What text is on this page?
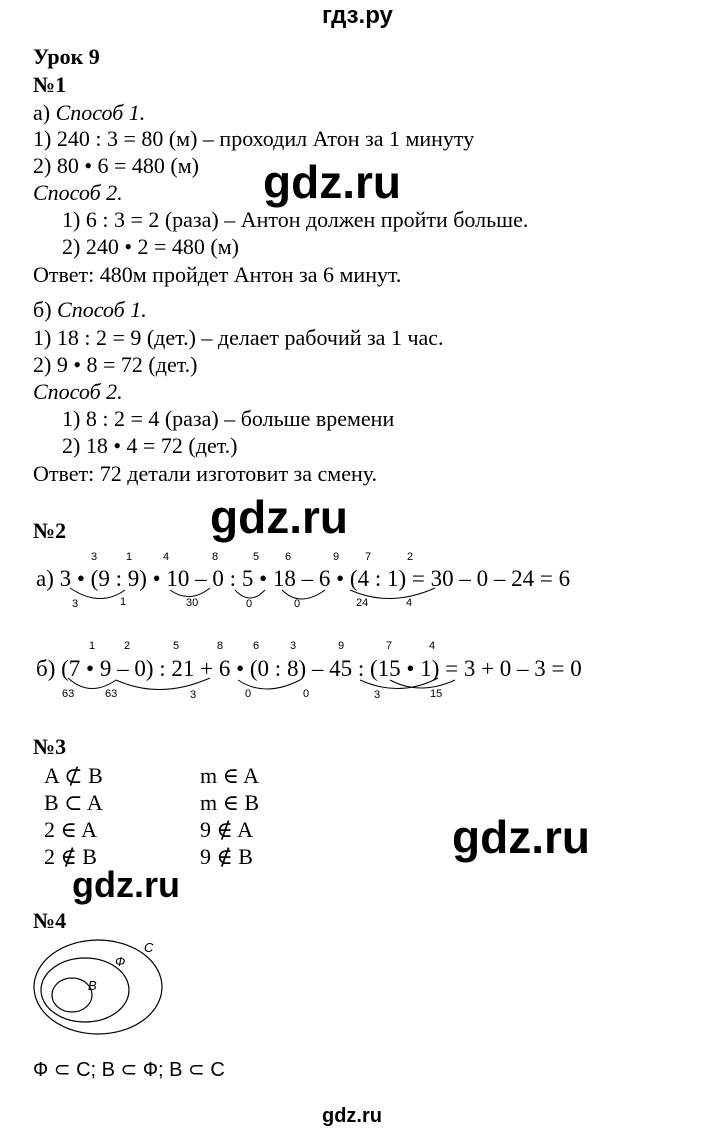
гдз.ру
Урок 9
№1
а) Способ 1.
1) 240 : 3 = 80 (м) – проходил Атон за 1 минуту
2) 80 • 6 = 480 (м)
Способ 2.
1) 6 : 3 = 2 (раза) – Антон должен пройти больше.
2) 240 • 2 = 480 (м)
Ответ: 480м пройдет Антон за 6 минут.
б) Способ 1.
1) 18 : 2 = 9 (дет.) – делает рабочий за 1 час.
2) 9 • 8 = 72 (дет.)
Способ 2.
1) 8 : 2 = 4 (раза) – больше времени
2) 18 • 4 = 72 (дет.)
Ответ: 72 детали изготовит за смену.
№2
3	1	4	8	5 6	9 7	2
а) 3 • (9 : 9) • 10 – 0 : 5 • 18 – 6 • (4 : 1) = 30 – 0 – 24 = 6
3	1	30	0	0	24	4
1	2	5	8	6	3	9	7	4
б) (7 • 9 – 0) : 21 + 6 • (0 : 8) – 45 : (15 • 1) = 3 + 0 – 3 = 0
63	63	3	0	0	3	15
№3
A ⊄ B	m ∈ A
B ⊂ A	m ∈ B
2 ∈ A	9 ∉ A
2 ∉ B	9 ∉ B
№4
C
Ф
B
Ф ⊂ С; В ⊂ Ф; В ⊂ С
gdz.ru
gdz.ru
gdz.ru
gdz.ru
gdz.ru
